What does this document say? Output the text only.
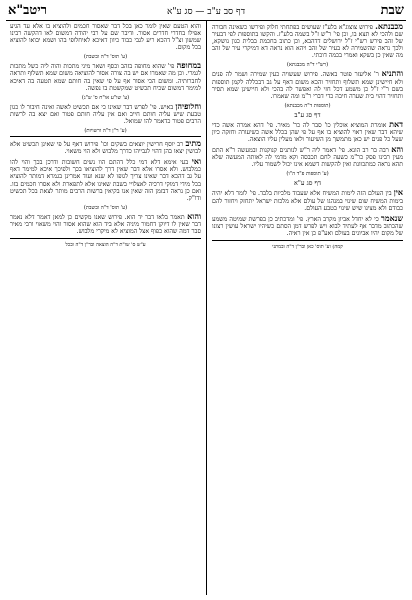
שבת
דף סב ע"ב — סג ע"א
ריטב"א

מכבנתא. פירוש צוצוג"א בלע"ז שעושים בפתחתי חלוק ופירשו כשאינה חבורה שם ולהכי לא תצא בו, וכן פי' ר"ש ז"ל בשמה בלע"ז. והקשו בתוספות לפי דבעיר של זהב פירש רש"י ז"ל ירושלים דדהבא, וכן כתוב בחכמת בבלית כגון נושקא, ולכך נראה שהשמירה לא בעיר של זהב ויהא הוא נראה דא דמיקרי עיר של זהב מה שאין כן בשקא ואמרי בכמה דוכתי.

(רש"י ד"ה מכבנתא)

והתניא ר' אליעזר פוטר באשה. פירוש שעשויה כעין שמירה ושמר לה פנים ולא חיישינן שמא תשלוף ותחזיר והכא משום דאף על גב דבכללה לקמן תוספות בשם ר"י ז"ל כן משמע דכל חזי לה ואפשר לה בהכי ולא חיישינן שמא תסיר ותחזיר דהוי בית שערה חיבה כדי דברי ר"מ ומה שאמרו.

(תוספות ד"ה מכבנתא)
דף סג ע"ב

דאת אומרת המוציא אוכלין כו' סבר לה כר' מאיר. פי' דהא אמרה אשה כדי שיהא דבר שאין ראוי להוציא בו אף על פי שהן בכלל אשה כשיעורה וחזקה כיון שעל כל פנים יש כאן מתמשך מן השיעור ולאו מעלין עליו הוצאה.

והא רבה בר רב הונא. פי' דאמר ליה ר"ש לנותנים קנוקנות ובמעשה ר"א התם מעין רבינו פסק כר"מ כשעה לחם תכבסה וקא מדמי לה לאותה המעשה שלא תהא נראה כמתכוונת ואין להקשות דשמא אינו יכול לשמור עליו.

(ע' תוספות פ"ד ה"ו)
דף סג ע"א

אין בין העולם הזה לימות המשיח אלא שעבוד מלכיות בלבד. פי' לומר דלא יהיה בימות המשיח שום שינוי במנהגו של עולם אלא מלכות ישראל יתחזק ויחזור להם כבודם ולא מצינו שיש שינוי בטבע העולם.

שנאמר כי לא יחדל אביון מקרב הארץ. פי' ומדכתיב כן בפרשת שמיטה משמע שהכתוב מדבר אף לעתיד לבוא ויש לפרש דמן הסתם כשיהיו ישראל עושין רצונו של מקום יהיו אביונים בעולם ואע"פ כן אין ראיה.

קמה) וע' תוס' כאן ובר"ן ד"ה ובמתני

והוא הטעם שאין לומר כאן בכל דבר שאסור חכמים ולהוציא בו אלא עד הגיע אפילו בחדרי חדרים אסור. ודיבר שם על רבי יהודה דמשום לאו דהקשה רבינו שמשון זצ"ל דהכא ריע לגבי כבוד כיוון דאיכא לאיחלופי בהו ושמא יבואו להוציא בכל מקום.

(ע' תוס' ד"ה ובשבת)

במחופה פי' שהוא מחופה בזהב וכסף ושאר מיני מתכות והוה ליה כשל מתכות לגמרי. וכן מה שאמרו אם יש בה צורה אסור להוציאה משום שמא תשלוף ותראה לחברותיה. ומשום הכי אסור אף על פי שאין בה חותם שמא תטעה בה דאיכא למימר דמשום שכיח תכשיט שמקשטת בו נפשה.

(ע' שו"ע או"ח ס' ש"ג)

וחלופיהן באיש. פי' לפרש דבר שאינו כי אם תכשיט לאשה ואינה חיבור לו כגון טבעת שיש עליה חותם חייב ואם אין עליה חותם פטור ואם יצא בה לרשות הרבים פטור כדאמר להו שמואל.

(ע' ר"ן ד"ה ורשויות)

מתיב רב יוסף חרישין יוצאים בשקים וכו' פירוש דאף על פי שאינן תכשיט אלא לבושין יצאו בהן דהוי לגבייהו כדרך מלבוש ולא הוי משאוי.

ואי בעי אימא דלא דמי כלל דהתם הוו נשים חשובות ודרכן בכך והוי להו כמלבוש. ולא אסרו אלא דבר שאין דרך להוציאו בכך ולפיכך איכא למימר דאף על גב דהכא דבר שאינו צריך לגופו לא שנא ועוד אמרינן בגמרא דמותר להוציא בכל מידי דמוקי דרכיה לאצלויי בשבת שאינו אלא לתפארת ולא אסרו חכמים בזו. ואם כן נראה דבזמן הזה שאין אנו בקיאין ברשות הרבים מותר לצאת בכל תכשיט ודו"ק.

(ע' תוס' ד"ה ובשבת)

והוא תאמר בלאו דבר יד הוא. פירוש שאנו מקשים כן למאן דאמר דלא נאמר דבר שאין לו דיוקן דחמור מיניה אלא ביד הוא שהוא אסור והוי משאוי ורבי מאיר סבר דמה שהוא כפוף אצל המוציא לא מיקרי מלבוש.

ע"ש ס' שו"ת ד"ה הוצאה ובר"ן ד"ה ובכל
